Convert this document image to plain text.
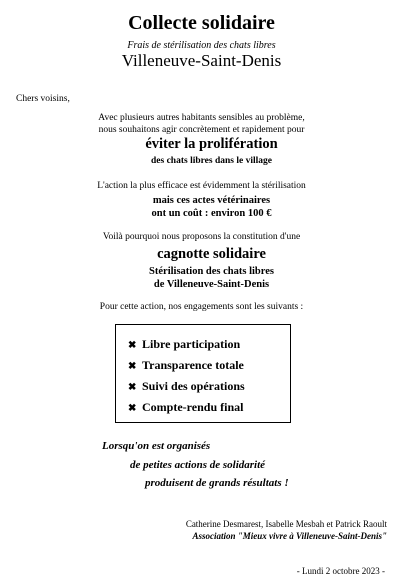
Collecte solidaire
Frais de stérilisation des chats libres
Villeneuve-Saint-Denis
Chers voisins,
Avec plusieurs autres habitants sensibles au problème,
nous souhaitons agir concrètement et rapidement pour
éviter la prolifération
des chats libres dans le village
L'action la plus efficace est évidemment la stérilisation
mais ces actes vétérinaires
ont un coût : environ 100 €
Voilà pourquoi nous proposons la constitution d'une
cagnotte solidaire
Stérilisation des chats libres
de Villeneuve-Saint-Denis
Pour cette action, nos engagements sont les suivants :
✖ Libre participation
✖ Transparence totale
✖ Suivi des opérations
✖ Compte-rendu final
Lorsqu'on est organisés
de petites actions de solidarité
produisent de grands résultats !
Catherine Desmarest, Isabelle Mesbah et Patrick Raoult
Association "Mieux vivre à Villeneuve-Saint-Denis"
- Lundi 2 octobre 2023 -
